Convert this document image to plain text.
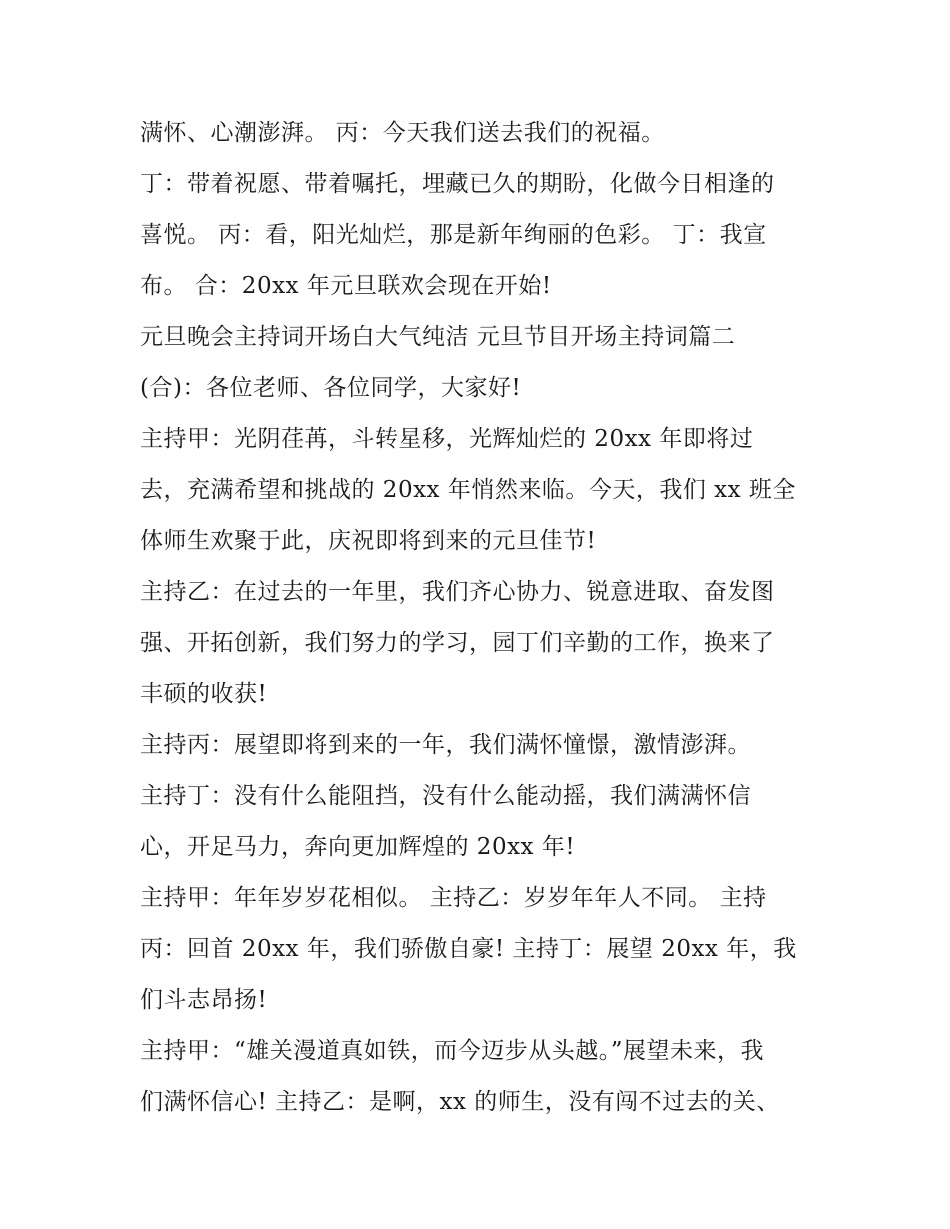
满怀、心潮澎湃。 丙：今天我们送去我们的祝福。
丁：带着祝愿、带着嘱托，埋藏已久的期盼，化做今日相逢的
喜悦。 丙：看，阳光灿烂，那是新年绚丽的色彩。 丁：我宣
布。 合：20xx 年元旦联欢会现在开始!
元旦晚会主持词开场白大气纯洁 元旦节目开场主持词篇二
(合)：各位老师、各位同学，大家好!
主持甲：光阴荏苒，斗转星移，光辉灿烂的 20xx 年即将过
去，充满希望和挑战的 20xx 年悄然来临。今天，我们 xx 班全
体师生欢聚于此，庆祝即将到来的元旦佳节!
主持乙：在过去的一年里，我们齐心协力、锐意进取、奋发图
强、开拓创新，我们努力的学习，园丁们辛勤的工作，换来了
丰硕的收获!
主持丙：展望即将到来的一年，我们满怀憧憬，激情澎湃。
主持丁：没有什么能阻挡，没有什么能动摇，我们满满怀信
心，开足马力，奔向更加辉煌的 20xx 年!
主持甲：年年岁岁花相似。 主持乙：岁岁年年人不同。 主持
丙：回首 20xx 年，我们骄傲自豪! 主持丁：展望 20xx 年，我
们斗志昂扬!
主持甲：“雄关漫道真如铁，而今迈步从头越。”展望未来，我
们满怀信心! 主持乙：是啊，xx 的师生，没有闯不过去的关、
